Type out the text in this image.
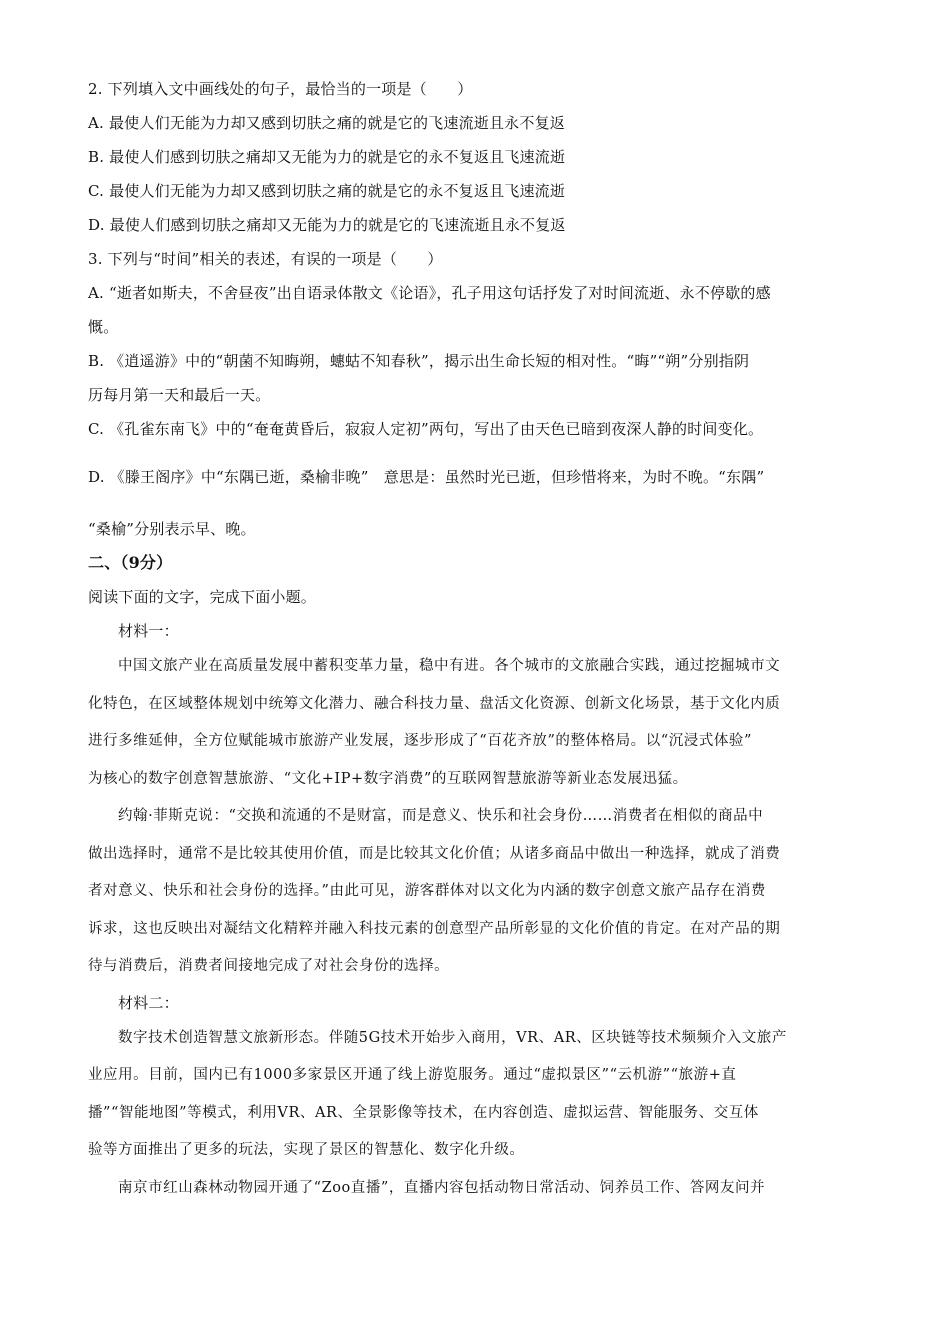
2. 下列填入文中画线处的句子，最恰当的一项是（　　）

A. 最使人们无能为力却又感到切肤之痛的就是它的飞速流逝且永不复返

B. 最使人们感到切肤之痛却又无能为力的就是它的永不复返且飞速流逝

C. 最使人们无能为力却又感到切肤之痛的就是它的永不复返且飞速流逝

D. 最使人们感到切肤之痛却又无能为力的就是它的飞速流逝且永不复返

3. 下列与“时间”相关的表述，有误的一项是（　　）

A. “逝者如斯夫，不舍昼夜”出自语录体散文《论语》，孔子用这句话抒发了对时间流逝、永不停歇的感

慨。

B. 《逍遥游》中的“朝菌不知晦朔，蟪蛄不知春秋”，揭示出生命长短的相对性。“晦”“朔”分别指阴

历每月第一天和最后一天。

C. 《孔雀东南飞》中的“奄奄黄昏后，寂寂人定初”两句，写出了由天色已暗到夜深人静的时间变化。

D. 《滕王阁序》中“东隅已逝，桑榆非晚”　意思是：虽然时光已逝，但珍惜将来，为时不晚。“东隅”

“桑榆”分别表示早、晚。

二、（9分）

阅读下面的文字，完成下面小题。

材料一：

中国文旅产业在高质量发展中蓄积变革力量，稳中有进。各个城市的文旅融合实践，通过挖掘城市文

化特色，在区域整体规划中统筹文化潜力、融合科技力量、盘活文化资源、创新文化场景，基于文化内质

进行多维延伸，全方位赋能城市旅游产业发展，逐步形成了“百花齐放”的整体格局。以“沉浸式体验”

为核心的数字创意智慧旅游、“文化+IP+数字消费”的互联网智慧旅游等新业态发展迅猛。

约翰·菲斯克说：“交换和流通的不是财富，而是意义、快乐和社会身份……消费者在相似的商品中

做出选择时，通常不是比较其使用价值，而是比较其文化价值；从诸多商品中做出一种选择，就成了消费

者对意义、快乐和社会身份的选择。”由此可见，游客群体对以文化为内涵的数字创意文旅产品存在消费

诉求，这也反映出对凝结文化精粹并融入科技元素的创意型产品所彰显的文化价值的肯定。在对产品的期

待与消费后，消费者间接地完成了对社会身份的选择。

材料二：

数字技术创造智慧文旅新形态。伴随5G技术开始步入商用，VR、AR、区块链等技术频频介入文旅产

业应用。目前，国内已有1000多家景区开通了线上游览服务。通过“虚拟景区”“云机游”“旅游+直

播”“智能地图”等模式，利用VR、AR、全景影像等技术，在内容创造、虚拟运营、智能服务、交互体

验等方面推出了更多的玩法，实现了景区的智慧化、数字化升级。

南京市红山森林动物园开通了“Zoo直播”，直播内容包括动物日常活动、饲养员工作、答网友问并
